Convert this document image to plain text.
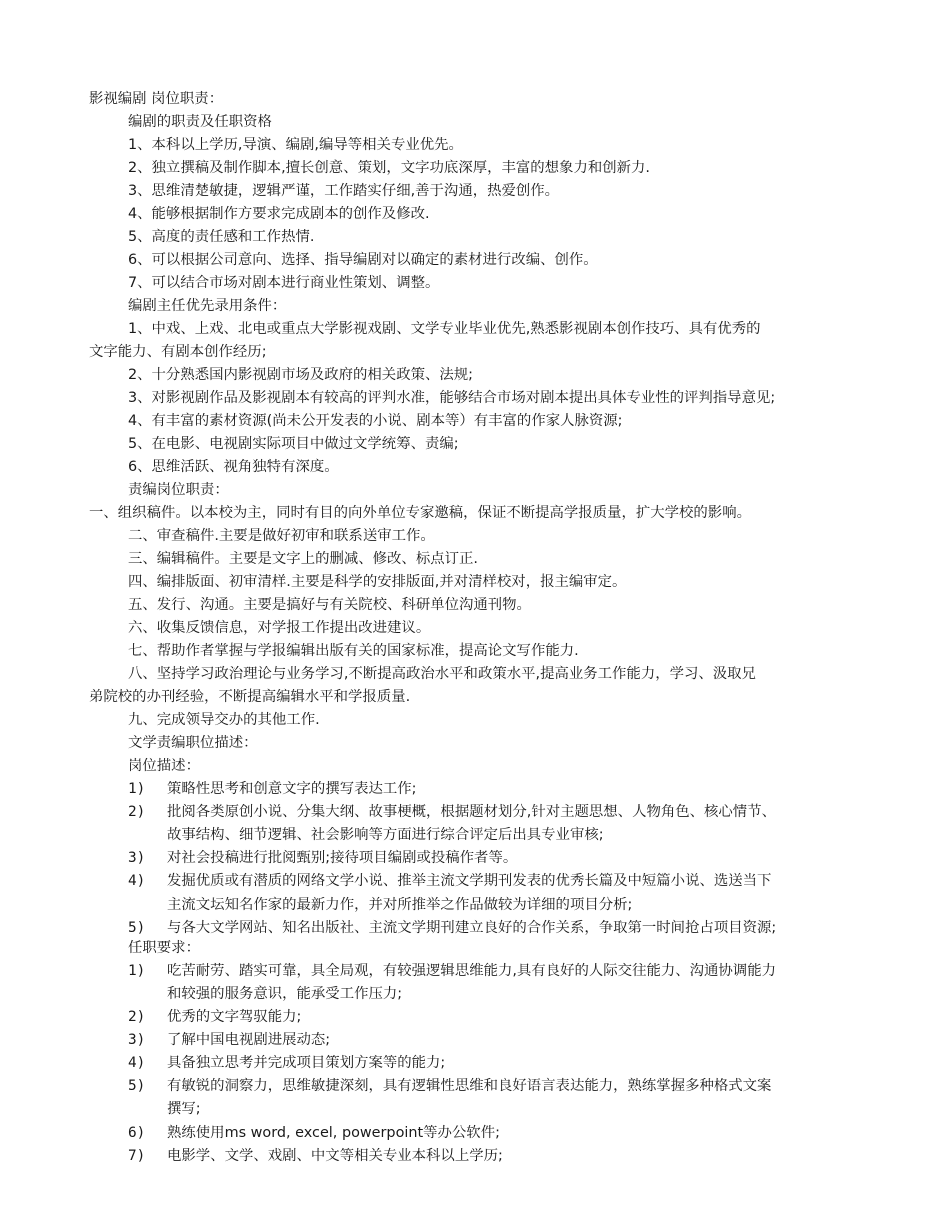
影视编剧 岗位职责：
编剧的职责及任职资格
1、本科以上学历,导演、编剧,编导等相关专业优先。
2、独立撰稿及制作脚本,擅长创意、策划，文字功底深厚，丰富的想象力和创新力.
3、思维清楚敏捷，逻辑严谨，工作踏实仔细,善于沟通，热爱创作。
4、能够根据制作方要求完成剧本的创作及修改.
5、高度的责任感和工作热情.
6、可以根据公司意向、选择、指导编剧对以确定的素材进行改编、创作。
7、可以结合市场对剧本进行商业性策划、调整。
编剧主任优先录用条件：
1、中戏、上戏、北电或重点大学影视戏剧、文学专业毕业优先,熟悉影视剧本创作技巧、具有优秀的
文字能力、有剧本创作经历;
2、十分熟悉国内影视剧市场及政府的相关政策、法规;
3、对影视剧作品及影视剧本有较高的评判水准，能够结合市场对剧本提出具体专业性的评判指导意见;
4、有丰富的素材资源(尚未公开发表的小说、剧本等）有丰富的作家人脉资源;
5、在电影、电视剧实际项目中做过文学统筹、责编;
6、思维活跃、视角独特有深度。
责编岗位职责：
一、组织稿件。以本校为主，同时有目的向外单位专家邀稿，保证不断提高学报质量，扩大学校的影响。
二、审查稿件.主要是做好初审和联系送审工作。
三、编辑稿件。主要是文字上的删减、修改、标点订正.
四、编排版面、初审清样.主要是科学的安排版面,并对清样校对，报主编审定。
五、发行、沟通。主要是搞好与有关院校、科研单位沟通刊物。
六、收集反馈信息，对学报工作提出改进建议。
七、帮助作者掌握与学报编辑出版有关的国家标准，提高论文写作能力.
八、坚持学习政治理论与业务学习,不断提高政治水平和政策水平,提高业务工作能力，学习、汲取兄
弟院校的办刊经验，不断提高编辑水平和学报质量.
九、完成领导交办的其他工作.
文学责编职位描述：
岗位描述：
任职要求：
1) 策略性思考和创意文字的撰写表达工作;
2) 批阅各类原创小说、分集大纲、故事梗概，根据题材划分,针对主题思想、人物角色、核心情节、
故事结构、细节逻辑、社会影响等方面进行综合评定后出具专业审核;
3) 对社会投稿进行批阅甄别;接待项目编剧或投稿作者等。
4) 发掘优质或有潜质的网络文学小说、推举主流文学期刊发表的优秀长篇及中短篇小说、选送当下
主流文坛知名作家的最新力作，并对所推举之作品做较为详细的项目分析;
5) 与各大文学网站、知名出版社、主流文学期刊建立良好的合作关系，争取第一时间抢占项目资源;
1) 吃苦耐劳、踏实可靠，具全局观，有较强逻辑思维能力,具有良好的人际交往能力、沟通协调能力
和较强的服务意识，能承受工作压力;
2) 优秀的文字驾驭能力;
3) 了解中国电视剧进展动态;
4) 具备独立思考并完成项目策划方案等的能力;
5) 有敏锐的洞察力，思维敏捷深刻，具有逻辑性思维和良好语言表达能力，熟练掌握多种格式文案
撰写;
6) 熟练使用ms word, excel, powerpoint等办公软件;
7) 电影学、文学、戏剧、中文等相关专业本科以上学历;
